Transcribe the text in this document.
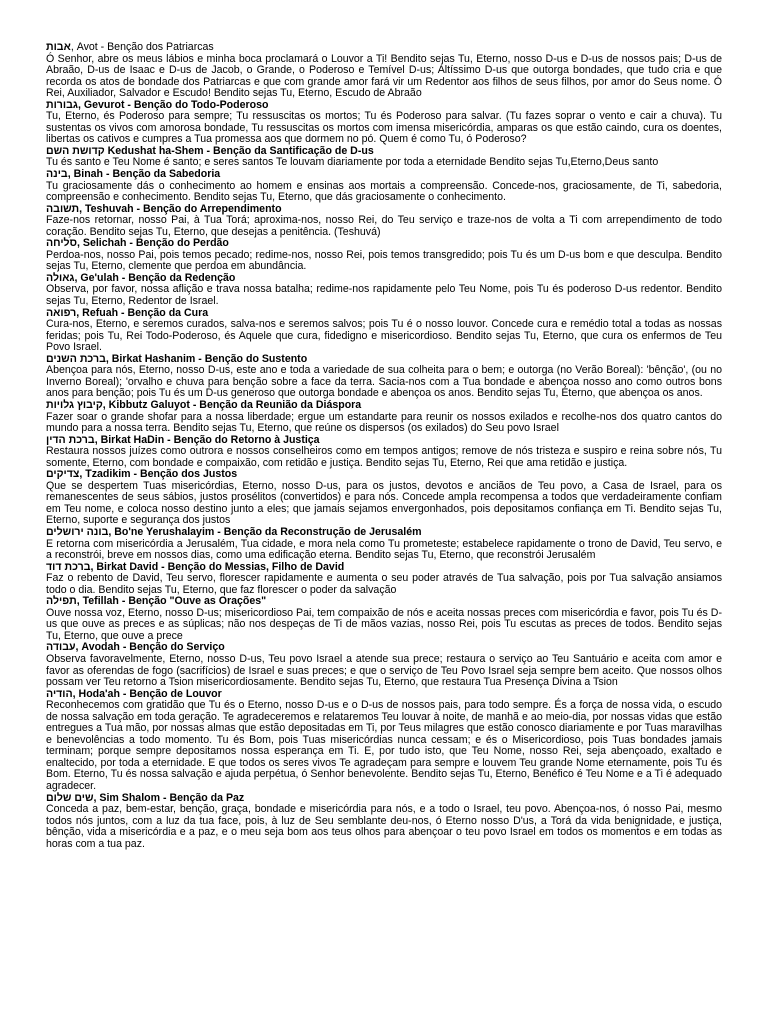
אבות, Avot - Benção dos Patriarcas

Ó Senhor, abre os meus lábios e minha boca proclamará o Louvor a Ti! Bendito sejas Tu, Eterno, nosso D-us e D-us de nossos pais; D-us de Abraão, D-us de Isaac e D-us de Jacob, o Grande, o Poderoso e Temível D-us; Altíssimo D-us que outorga bondades, que tudo cria e que recorda os atos de bondade dos Patriarcas e que com grande amor fará vir um Redentor aos filhos de seus filhos, por amor do Seus nome. Ó Rei, Auxiliador, Salvador e Escudo! Bendito sejas Tu, Eterno, Escudo de Abraão

גבורות, Gevurot - Benção do Todo-Poderoso

Tu, Eterno, és Poderoso para sempre; Tu ressuscitas os mortos; Tu és Poderoso para salvar. (Tu fazes soprar o vento e cair a chuva). Tu sustentas os vivos com amorosa bondade, Tu ressuscitas os mortos com imensa misericórdia, amparas os que estão caindo, cura os doentes, libertas os cativos e cumpres a Tua promessa aos que dormem no pó. Quem é como Tu, ó Poderoso?

קדושת השם Kedushat ha-Shem - Benção da Santificação de D-us

Tu és santo e Teu Nome é santo; e seres santos Te louvam diariamente por toda a eternidade Bendito sejas Tu,Eterno,Deus santo

בינה, Binah - Benção da Sabedoria

Tu graciosamente dás o conhecimento ao homem e ensinas aos mortais a compreensão. Concede-nos, graciosamente, de Ti, sabedoria, compreensão e conhecimento. Bendito sejas Tu, Eterno, que dás graciosamente o conhecimento.

תשובה, Teshuvah - Benção do Arrependimento

Faze-nos retornar, nosso Pai, à Tua Torá; aproxima-nos, nosso Rei, do Teu serviço e traze-nos de volta a Ti com arrependimento de todo coração. Bendito sejas Tu, Eterno, que desejas a penitência. (Teshuvá)

סליחה, Selichah - Benção do Perdão

Perdoa-nos, nosso Pai, pois temos pecado; redime-nos, nosso Rei, pois temos transgredido; pois Tu és um D-us bom e que desculpa. Bendito sejas Tu, Eterno, clemente que perdoa em abundância.

גאולה, Ge'ulah - Benção da Redenção

Observa, por favor, nossa aflição e trava nossa batalha; redime-nos rapidamente pelo Teu Nome, pois Tu és poderoso D-us redentor. Bendito sejas Tu, Eterno, Redentor de Israel.

רפואה, Refuah - Benção da Cura

Cura-nos, Eterno, e seremos curados, salva-nos e seremos salvos; pois Tu é o nosso louvor. Concede cura e remédio total a todas as nossas feridas; pois Tu, Rei Todo-Poderoso, és Aquele que cura, fidedigno e misericordioso. Bendito sejas Tu, Eterno, que cura os enfermos de Teu Povo Israel.

ברכת השנים, Birkat Hashanim - Benção do Sustento

Abençoa para nós, Eterno, nosso D-us, este ano e toda a variedade de sua colheita para o bem; e outorga (no Verão Boreal): 'bênção', (ou no Inverno Boreal); 'orvalho e chuva para benção sobre a face da terra. Sacia-nos com a Tua bondade e abençoa nosso ano como outros bons anos para benção; pois Tu és um D-us generoso que outorga bondade e abençoa os anos. Bendito sejas Tu, Eterno, que abençoa os anos.

קיבוץ גלויות, Kibbutz Galuyot - Benção da Reunião da Diáspora

Fazer soar o grande shofar para a nossa liberdade; ergue um estandarte para reunir os nossos exilados e recolhe-nos dos quatro cantos do mundo para a nossa terra. Bendito sejas Tu, Eterno, que reúne os dispersos (os exilados) do Seu povo Israel

ברכת הדין, Birkat HaDin - Benção do Retorno à Justiça

Restaura nossos juízes como outrora e nossos conselheiros como em tempos antigos; remove de nós tristeza e suspiro e reina sobre nós, Tu somente, Eterno, com bondade e compaixão, com retidão e justiça. Bendito sejas Tu, Eterno, Rei que ama retidão e justiça.

צדיקים, Tzadikim - Benção dos Justos

Que se despertem Tuas misericórdias, Eterno, nosso D-us, para os justos, devotos e anciãos de Teu povo, a Casa de Israel, para os remanescentes de seus sábios, justos prosélitos (convertidos) e para nós. Concede ampla recompensa a todos que verdadeiramente confiam em Teu nome, e coloca nosso destino junto a eles; que jamais sejamos envergonhados, pois depositamos confiança em Ti. Bendito sejas Tu, Eterno, suporte e segurança dos justos

בונה ירושלים, Bo'ne Yerushalayim - Benção da Reconstrução de Jerusalém

E retorna com misericórdia a Jerusalém, Tua cidade, e mora nela como Tu prometeste; estabelece rapidamente o trono de David, Teu servo, e a reconstrói, breve em nossos dias, como uma edificação eterna. Bendito sejas Tu, Eterno, que reconstrói Jerusalém

ברכת דוד, Birkat David - Benção do Messias, Filho de David

Faz o rebento de David, Teu servo, florescer rapidamente e aumenta o seu poder através de Tua salvação, pois por Tua salvação ansiamos todo o dia. Bendito sejas Tu, Eterno, que faz florescer o poder da salvação

תפילה, Tefillah - Benção "Ouve as Orações"

Ouve nossa voz, Eterno, nosso D-us; misericordioso Pai, tem compaixão de nós e aceita nossas preces com misericórdia e favor, pois Tu és D-us que ouve as preces e as súplicas; não nos despeças de Ti de mãos vazias, nosso Rei, pois Tu escutas as preces de todos. Bendito sejas Tu, Eterno, que ouve a prece

עבודה, Avodah - Benção do Serviço

Observa favoravelmente, Eterno, nosso D-us, Teu povo Israel a atende sua prece; restaura o serviço ao Teu Santuário e aceita com amor e favor as oferendas de fogo (sacrifícios) de Israel e suas preces; e que o serviço de Teu Povo Israel seja sempre bem aceito. Que nossos olhos possam ver Teu retorno a Tsion misericordiosamente. Bendito sejas Tu, Eterno, que restaura Tua Presença Divina a Tsion

הודיה, Hoda'ah - Benção de Louvor

Reconhecemos com gratidão que Tu és o Eterno, nosso D-us e o D-us de nossos pais, para todo sempre. És a força de nossa vida, o escudo de nossa salvação em toda geração. Te agradeceremos e relataremos Teu louvar à noite, de manhã e ao meio-dia, por nossas vidas que estão entregues a Tua mão, por nossas almas que estão depositadas em Ti, por Teus milagres que estão conosco diariamente e por Tuas maravilhas e benevolências a todo momento. Tu és Bom, pois Tuas misericórdias nunca cessam; e és o Misericordioso, pois Tuas bondades jamais terminam; porque sempre depositamos nossa esperança em Ti. E, por tudo isto, que Teu Nome, nosso Rei, seja abençoado, exaltado e enaltecido, por toda a eternidade. E que todos os seres vivos Te agradeçam para sempre e louvem Teu grande Nome eternamente, pois Tu és Bom. Eterno, Tu és nossa salvação e ajuda perpétua, ó Senhor benevolente. Bendito sejas Tu, Eterno, Benéfico é Teu Nome e a Ti é adequado agradecer.

שים שלום, Sim Shalom - Benção da Paz

Conceda a paz, bem-estar, benção, graça, bondade e misericórdia para nós, e a todo o Israel, teu povo. Abençoa-nos, ó nosso Pai, mesmo todos nós juntos, com a luz da tua face, pois, à luz de Seu semblante deu-nos, ó Eterno nosso D'us, a Torá da vida benignidade, e justiça, bênção, vida a misericórdia e a paz, e o meu seja bom aos teus olhos para abençoar o teu povo Israel em todos os momentos e em todas as horas com a tua paz.
